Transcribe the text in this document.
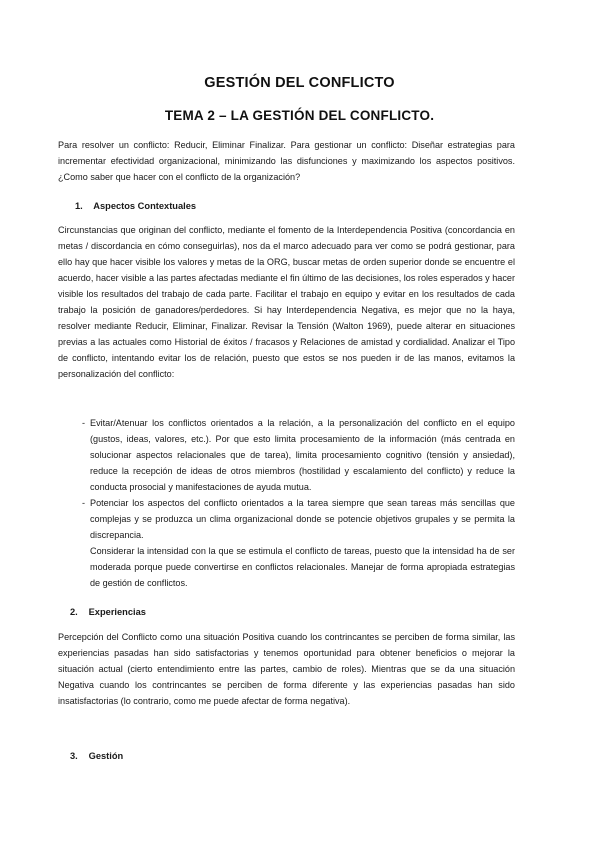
GESTIÓN DEL CONFLICTO
TEMA 2 – LA GESTIÓN DEL CONFLICTO.

Para resolver un conflicto: Reducir, Eliminar Finalizar. Para gestionar un conflicto: Diseñar estrategias para incrementar efectividad organizacional, minimizando las disfunciones y maximizando los aspectos positivos. ¿Como saber que hacer con el conflicto de la organización?

1. Aspectos Contextuales

Circunstancias que originan del conflicto, mediante el fomento de la Interdependencia Positiva (concordancia en metas / discordancia en cómo conseguirlas), nos da el marco adecuado para ver como se podrá gestionar, para ello hay que hacer visible los valores y metas de la ORG, buscar metas de orden superior donde se encuentre el acuerdo, hacer visible a las partes afectadas mediante el fin último de las decisiones, los roles esperados y hacer visible los resultados del trabajo de cada parte. Facilitar el trabajo en equipo y evitar en los resultados de cada trabajo la posición de ganadores/perdedores. Si hay Interdependencia Negativa, es mejor que no la haya, resolver mediante Reducir, Eliminar, Finalizar. Revisar la Tensión (Walton 1969), puede alterar en situaciones previas a las actuales como Historial de éxitos / fracasos y Relaciones de amistad y cordialidad. Analizar el Tipo de conflicto, intentando evitar los de relación, puesto que estos se nos pueden ir de las manos, evitamos la personalización del conflicto:

- Evitar/Atenuar los conflictos orientados a la relación, a la personalización del conflicto en el equipo (gustos, ideas, valores, etc.). Por que esto limita procesamiento de la información (más centrada en solucionar aspectos relacionales que de tarea), limita procesamiento cognitivo (tensión y ansiedad), reduce la recepción de ideas de otros miembros (hostilidad y escalamiento del conflicto) y reduce la conducta prosocial y manifestaciones de ayuda mutua.
- Potenciar los aspectos del conflicto orientados a la tarea siempre que sean tareas más sencillas que complejas y se produzca un clima organizacional donde se potencie objetivos grupales y se permita la discrepancia.

Considerar la intensidad con la que se estimula el conflicto de tareas, puesto que la intensidad ha de ser moderada porque puede convertirse en conflictos relacionales. Manejar de forma apropiada estrategias de gestión de conflictos.

2. Experiencias

Percepción del Conflicto como una situación Positiva cuando los contrincantes se perciben de forma similar, las experiencias pasadas han sido satisfactorias y tenemos oportunidad para obtener beneficios o mejorar la situación actual (cierto entendimiento entre las partes, cambio de roles). Mientras que se da una situación Negativa cuando los contrincantes se perciben de forma diferente y las experiencias pasadas han sido insatisfactorias (lo contrario, como me puede afectar de forma negativa).

3. Gestión
